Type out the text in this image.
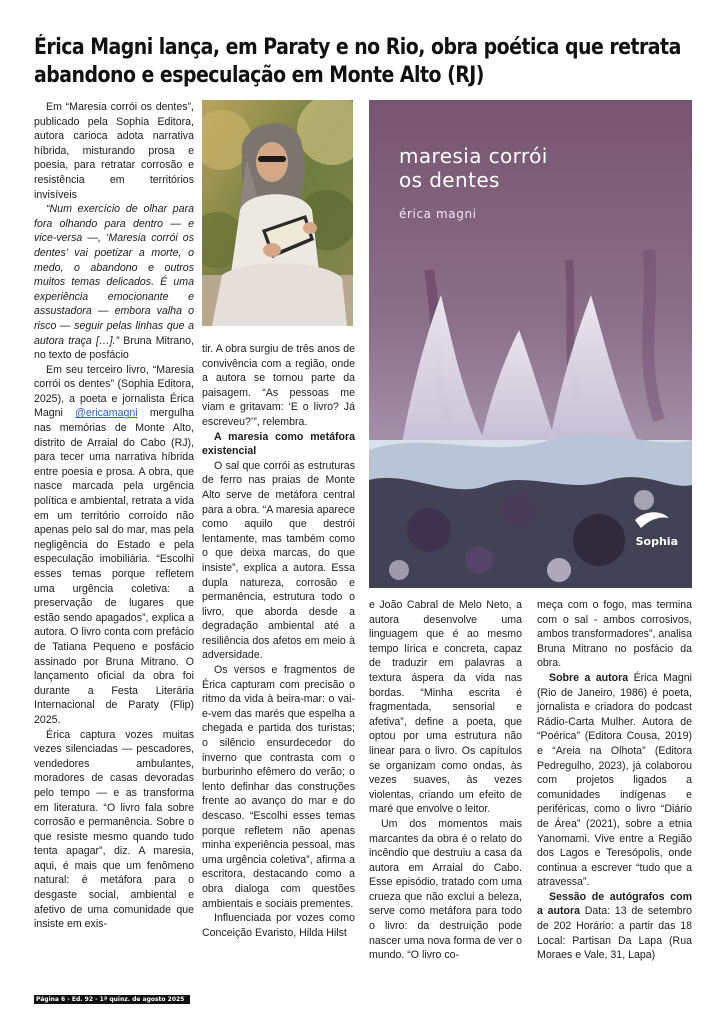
Érica Magni lança, em Paraty e no Rio, obra poética que retrata abandono e especulação em Monte Alto (RJ)

Em “Maresia corrói os dentes”, publicado pela Sophia Editora, autora carioca adota narrativa híbrida, misturando prosa e poesia, para retratar corrosão e resistência em territórios invisíveis

“Num exercício de olhar para fora olhando para dentro — e vice-versa —, ‘Maresia corrói os dentes’ vai poetizar a morte, o medo, o abandono e outros muitos temas delicados. É uma experiência emocionante e assustadora — embora valha o risco — seguir pelas linhas que a autora traça […].” Bruna Mitrano, no texto de posfácio

Em seu terceiro livro, “Maresia corrói os dentes” (Sophia Editora, 2025), a poeta e jornalista Érica Magni @ericamagni mergulha nas memórias de Monte Alto, distrito de Arraial do Cabo (RJ), para tecer uma narrativa híbrida entre poesia e prosa. A obra, que nasce marcada pela urgência política e ambiental, retrata a vida em um território corroído não apenas pelo sal do mar, mas pela negligência do Estado e pela especulação imobiliária. “Escolhi esses temas porque refletem uma urgência coletiva: a preservação de lugares que estão sendo apagados”, explica a autora. O livro conta com prefácio de Tatiana Pequeno e posfácio assinado por Bruna Mitrano. O lançamento oficial da obra foi durante a Festa Literária Internacional de Paraty (Flip) 2025.

Érica captura vozes muitas vezes silenciadas — pescadores, vendedores ambulantes, moradores de casas devoradas pelo tempo — e as transforma em literatura. “O livro fala sobre corrosão e permanência. Sobre o que resiste mesmo quando tudo tenta apagar”, diz. A maresia, aqui, é mais que um fenômeno natural: é metáfora para o desgaste social, ambiental e afetivo de uma comunidade que insiste em exis-

maresia corrói
os dentes

érica magni

Sophia

tir. A obra surgiu de três anos de convivência com a região, onde a autora se tornou parte da paisagem. “As pessoas me viam e gritavam: ‘E o livro? Já escreveu?’”, relembra.

A maresia como metáfora existencial

O sal que corrói as estruturas de ferro nas praias de Monte Alto serve de metáfora central para a obra. “A maresia aparece como aquilo que destrói lentamente, mas também como o que deixa marcas, do que insiste”, explica a autora. Essa dupla natureza, corrosão e permanência, estrutura todo o livro, que aborda desde a degradação ambiental até a resiliência dos afetos em meio à adversidade.

Os versos e fragmentos de Érica capturam com precisão o ritmo da vida à beira-mar: o vai-e-vem das marés que espelha a chegada e partida dos turistas; o silêncio ensurdecedor do inverno que contrasta com o burburinho efêmero do verão; o lento definhar das construções frente ao avanço do mar e do descaso. “Escolhi esses temas porque refletem não apenas minha experiência pessoal, mas uma urgência coletiva”, afirma a escritora, destacando como a obra dialoga com questões ambientais e sociais prementes.

Influenciada por vozes como Conceição Evaristo, Hilda Hilst

e João Cabral de Melo Neto, a autora desenvolve uma linguagem que é ao mesmo tempo lírica e concreta, capaz de traduzir em palavras a textura áspera da vida nas bordas. “Minha escrita é fragmentada, sensorial e afetiva”, define a poeta, que optou por uma estrutura não linear para o livro. Os capítulos se organizam como ondas, às vezes suaves, às vezes violentas, criando um efeito de maré que envolve o leitor.

Um dos momentos mais marcantes da obra é o relato do incêndio que destruiu a casa da autora em Arraial do Cabo. Esse episódio, tratado com uma crueza que não exclui a beleza, serve como metáfora para todo o livro: da destruição pode nascer uma nova forma de ver o mundo. “O livro co-

meça com o fogo, mas termina com o sal - ambos corrosivos, ambos transformadores”, analisa Bruna Mitrano no posfácio da obra.

Sobre a autora Érica Magni (Rio de Janeiro, 1986) é poeta, jornalista e criadora do podcast Rádio-Carta Mulher. Autora de “Poérica” (Editora Cousa, 2019) e “Areia na Olhota” (Editora Pedregulho, 2023), já colaborou com projetos ligados a comunidades indígenas e periféricas, como o livro “Diário de Área” (2021), sobre a etnia Yanomami. Vive entre a Região dos Lagos e Teresópolis, onde continua a escrever “tudo que a atravessa”.

Sessão de autógrafos com a autora Data: 13 de setembro de 202 Horário: a partir das 18 Local: Partisan Da Lapa (Rua Moraes e Vale, 31, Lapa)

Página 6 - Ed. 92 - 1ª quinz. de agosto 2025
